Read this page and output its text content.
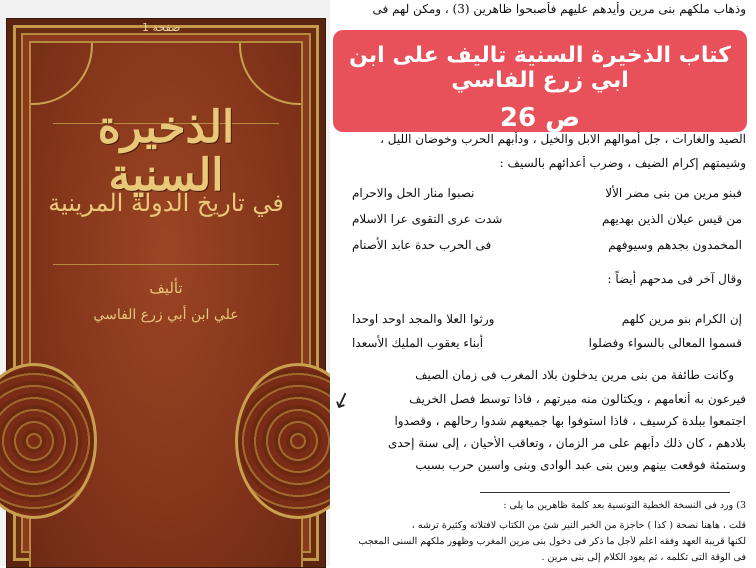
صفحة 1
الذخيرة السنية
في تاريخ الدولة المرينية
تأليف
علي ابن أبي زرع الفاسي
وذهاب ملكهم بنى مرين وأيدهم عليهم فأصبحوا ظاهرين (3) ، ومكن لهم فى
الصيد والغارات ، جل أموالهم الابل والخيل ، ودأبهم الحرب وخوضان الليل ،
وشيمتهم إكرام الضيف ، وضرب أعدائهم بالسيف :
فبنو مرين من بنى مضر الألا
نصبوا منار الحل والاحرام
من قيس عيلان الذين بهديهم
شدت عرى التقوى عرا الاسلام
المخمدون بجدهم وسيوفهم
فى الحرب حدة عابد الأصنام
وقال آخر فى مدحهم أيضاً :
إن الكرام بنو مرين كلهم
ورثوا العلا والمجد اوحد اوحدا
قسموا المعالى بالسواء وفضلوا
أبناء يعقوب المليك الأسعدا
وكانت طائفة من بنى مرين يدخلون بلاد المغرب فى زمان الصيف
فيرعون به أنعامهم ، ويكتالون منه ميرتهم ، فاذا توسط فصل الخريف
اجتمعوا ببلدة كرسيف ، فاذا استوفوا بها جميعهم شدوا رحالهم ، وقصدوا
بلادهم ، كان ذلك دأبهم على مر الزمان ، وتعاقب الأحيان ، إلى سنة إحدى
وستمئة فوقعت بينهم وبين بنى عبد الوادى وبنى واسين حرب بسبب
↙
3) ورد فى النسخة الخطية التونسية بعد كلمة ظاهرين ما يلى :
قلت ، هاهنا نصحة ( كذا ) حاجزة من الخبر النير شئ من الكتاب لافتلاته وكثيرة ترشه ،
لكنها قريبة العهد وفقه اعلم لأجل ما ذكر فى دخول بنى مرين المغرب وظهور ملكهم السنى المعجب
فى الوقة التى تكلمه ، ثم يعود الكلام إلى بنى مرين .
كتاب الذخيرة السنية تاليف على ابن ابي زرع الفاسي
ص 26
